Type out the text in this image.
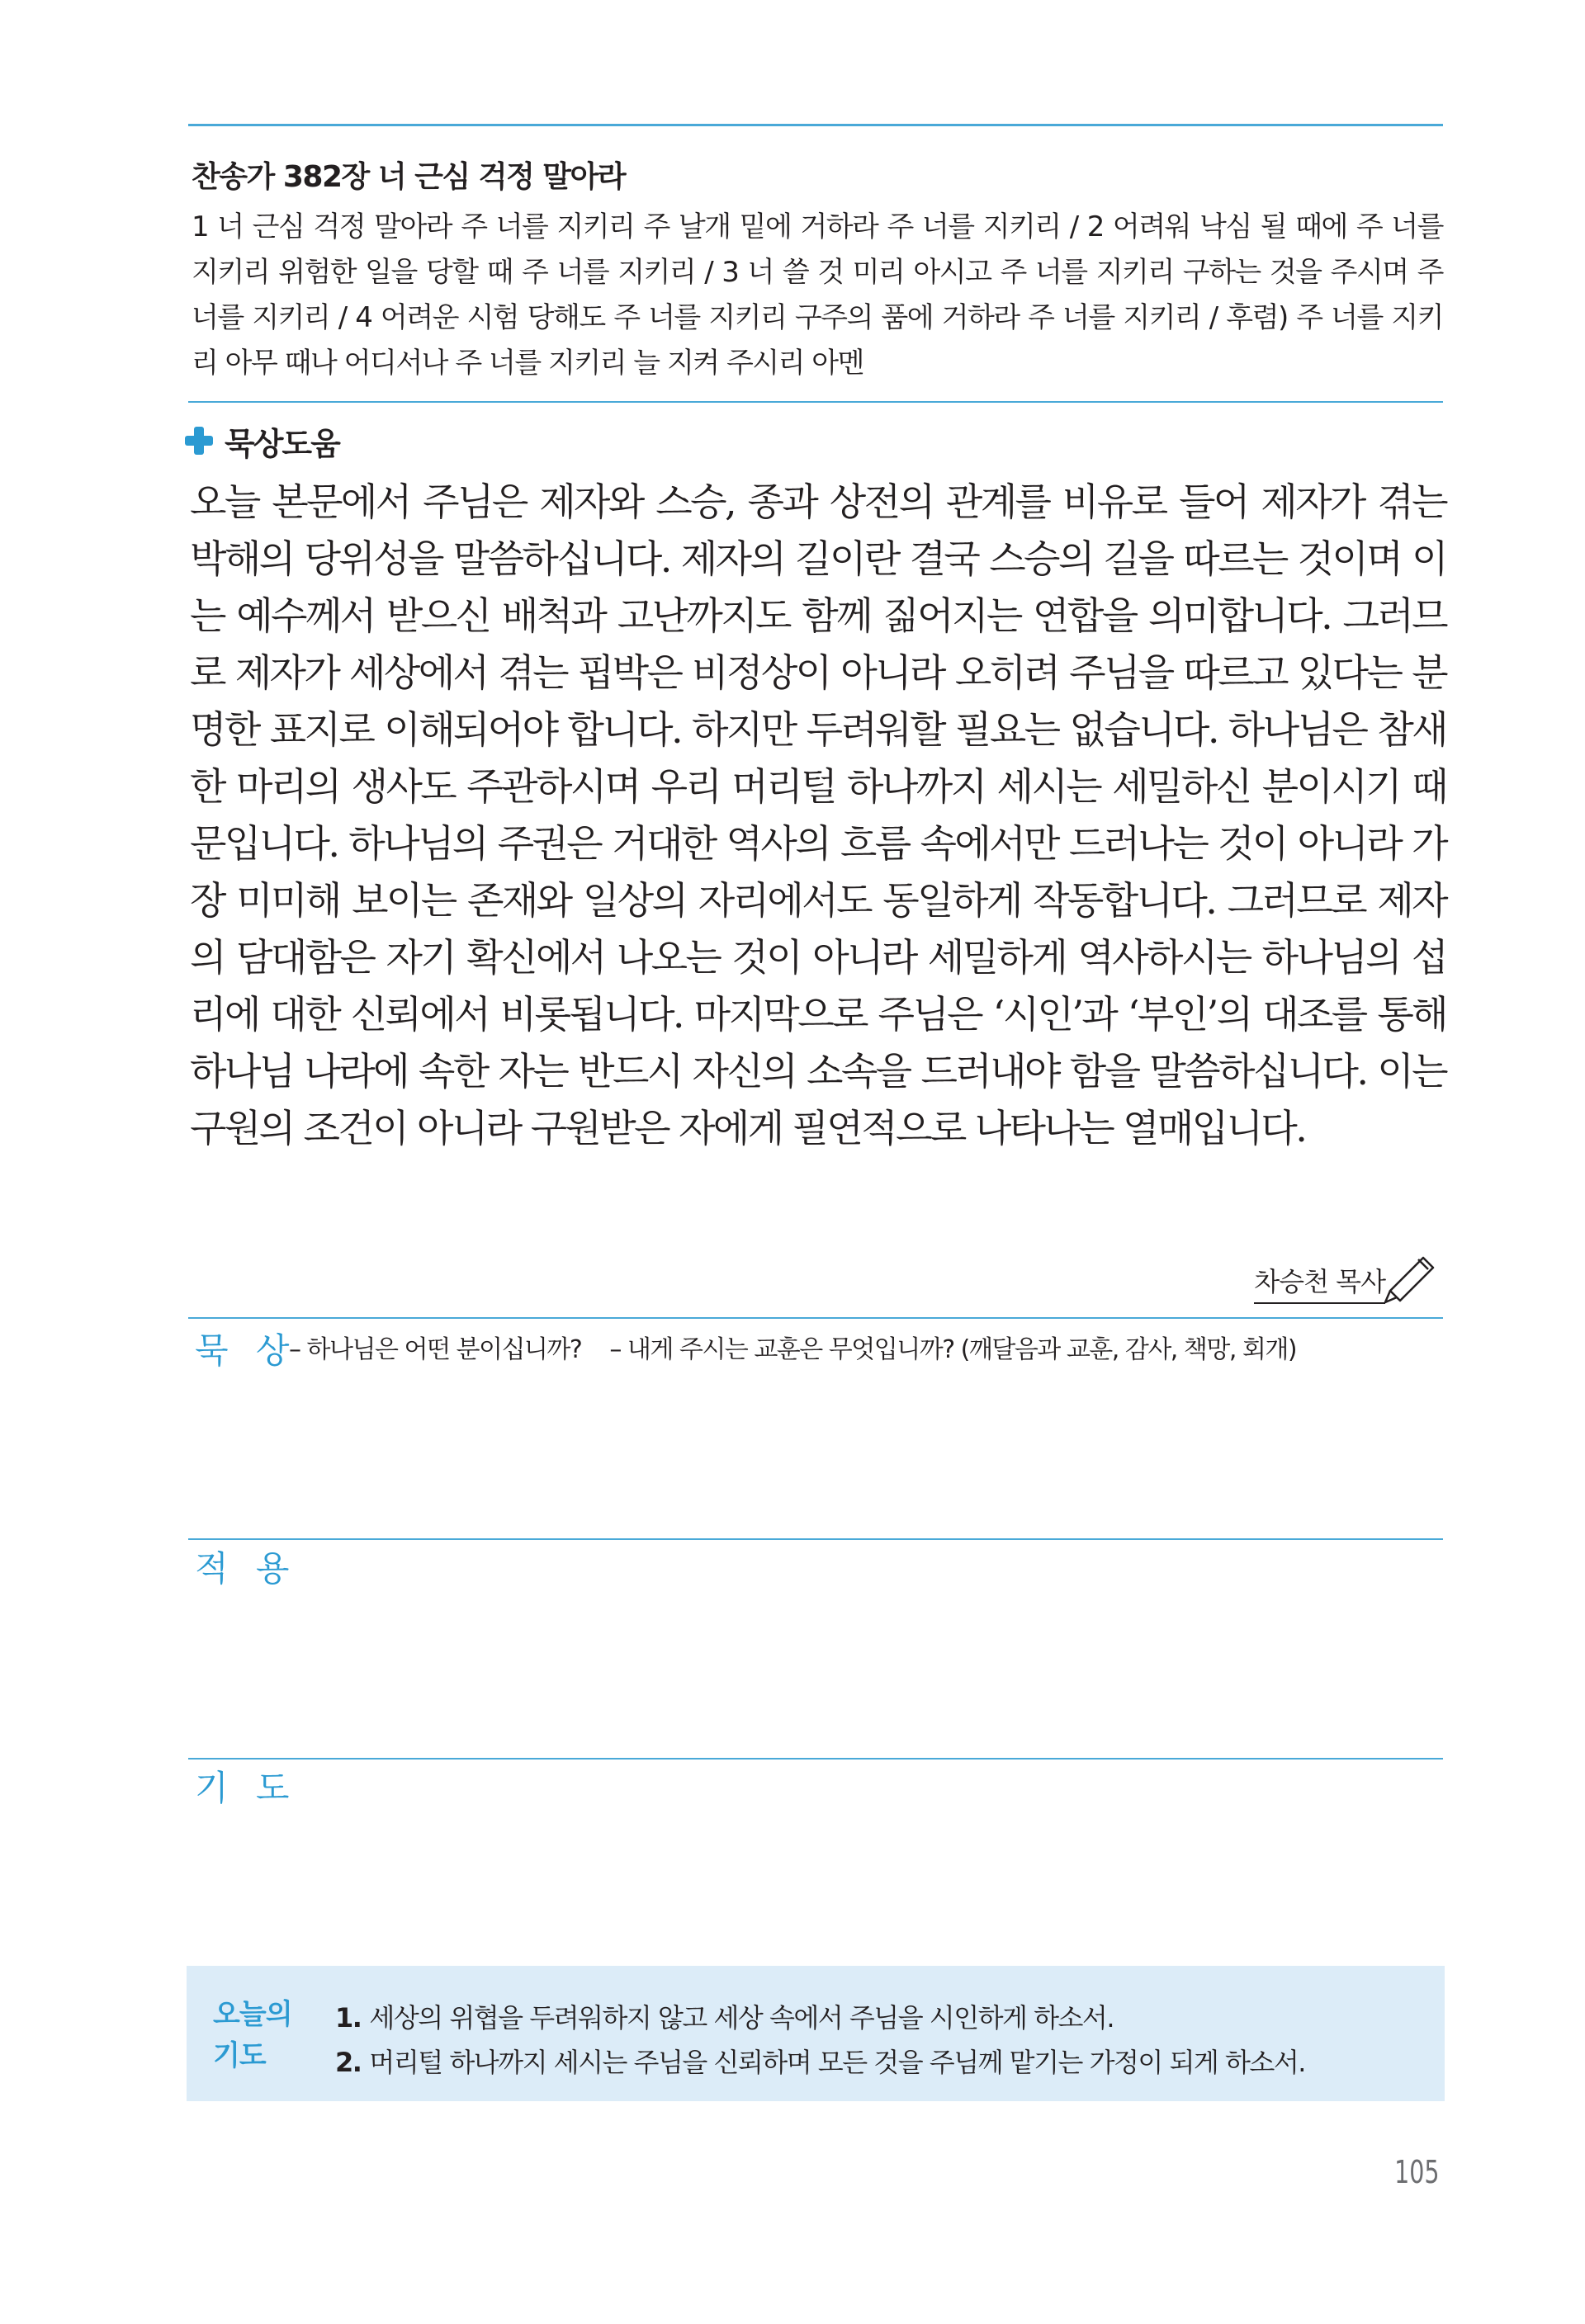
찬송가 382장 너 근심 걱정 말아라
1 너 근심 걱정 말아라 주 너를 지키리 주 날개 밑에 거하라 주 너를 지키리 / 2 어려워 낙심 될 때에 주 너를 지키리 위험한 일을 당할 때 주 너를 지키리 / 3 너 쓸 것 미리 아시고 주 너를 지키리 구하는 것을 주시며 주 너를 지키리 / 4 어려운 시험 당해도 주 너를 지키리 구주의 품에 거하라 주 너를 지키리 / 후렴) 주 너를 지키리 아무 때나 어디서나 주 너를 지키리 늘 지켜 주시리 아멘
묵상도움
오늘 본문에서 주님은 제자와 스승, 종과 상전의 관계를 비유로 들어 제자가 겪는 박해의 당위성을 말씀하십니다. 제자의 길이란 결국 스승의 길을 따르는 것이며 이는 예수께서 받으신 배척과 고난까지도 함께 짊어지는 연합을 의미합니다. 그러므로 제자가 세상에서 겪는 핍박은 비정상이 아니라 오히려 주님을 따르고 있다는 분명한 표지로 이해되어야 합니다. 하지만 두려워할 필요는 없습니다. 하나님은 참새 한 마리의 생사도 주관하시며 우리 머리털 하나까지 세시는 세밀하신 분이시기 때문입니다. 하나님의 주권은 거대한 역사의 흐름 속에서만 드러나는 것이 아니라 가장 미미해 보이는 존재와 일상의 자리에서도 동일하게 작동합니다. 그러므로 제자의 담대함은 자기 확신에서 나오는 것이 아니라 세밀하게 역사하시는 하나님의 섭리에 대한 신뢰에서 비롯됩니다. 마지막으로 주님은 ‘시인’과 ‘부인’의 대조를 통해 하나님 나라에 속한 자는 반드시 자신의 소속을 드러내야 함을 말씀하십니다. 이는 구원의 조건이 아니라 구원받은 자에게 필연적으로 나타나는 열매입니다.
차승천 목사
묵 상
– 하나님은 어떤 분이십니까? – 내게 주시는 교훈은 무엇입니까? (깨달음과 교훈, 감사, 책망, 회개)
적 용
기 도
오늘의
기도
1. 세상의 위협을 두려워하지 않고 세상 속에서 주님을 시인하게 하소서.
2. 머리털 하나까지 세시는 주님을 신뢰하며 모든 것을 주님께 맡기는 가정이 되게 하소서.
105
